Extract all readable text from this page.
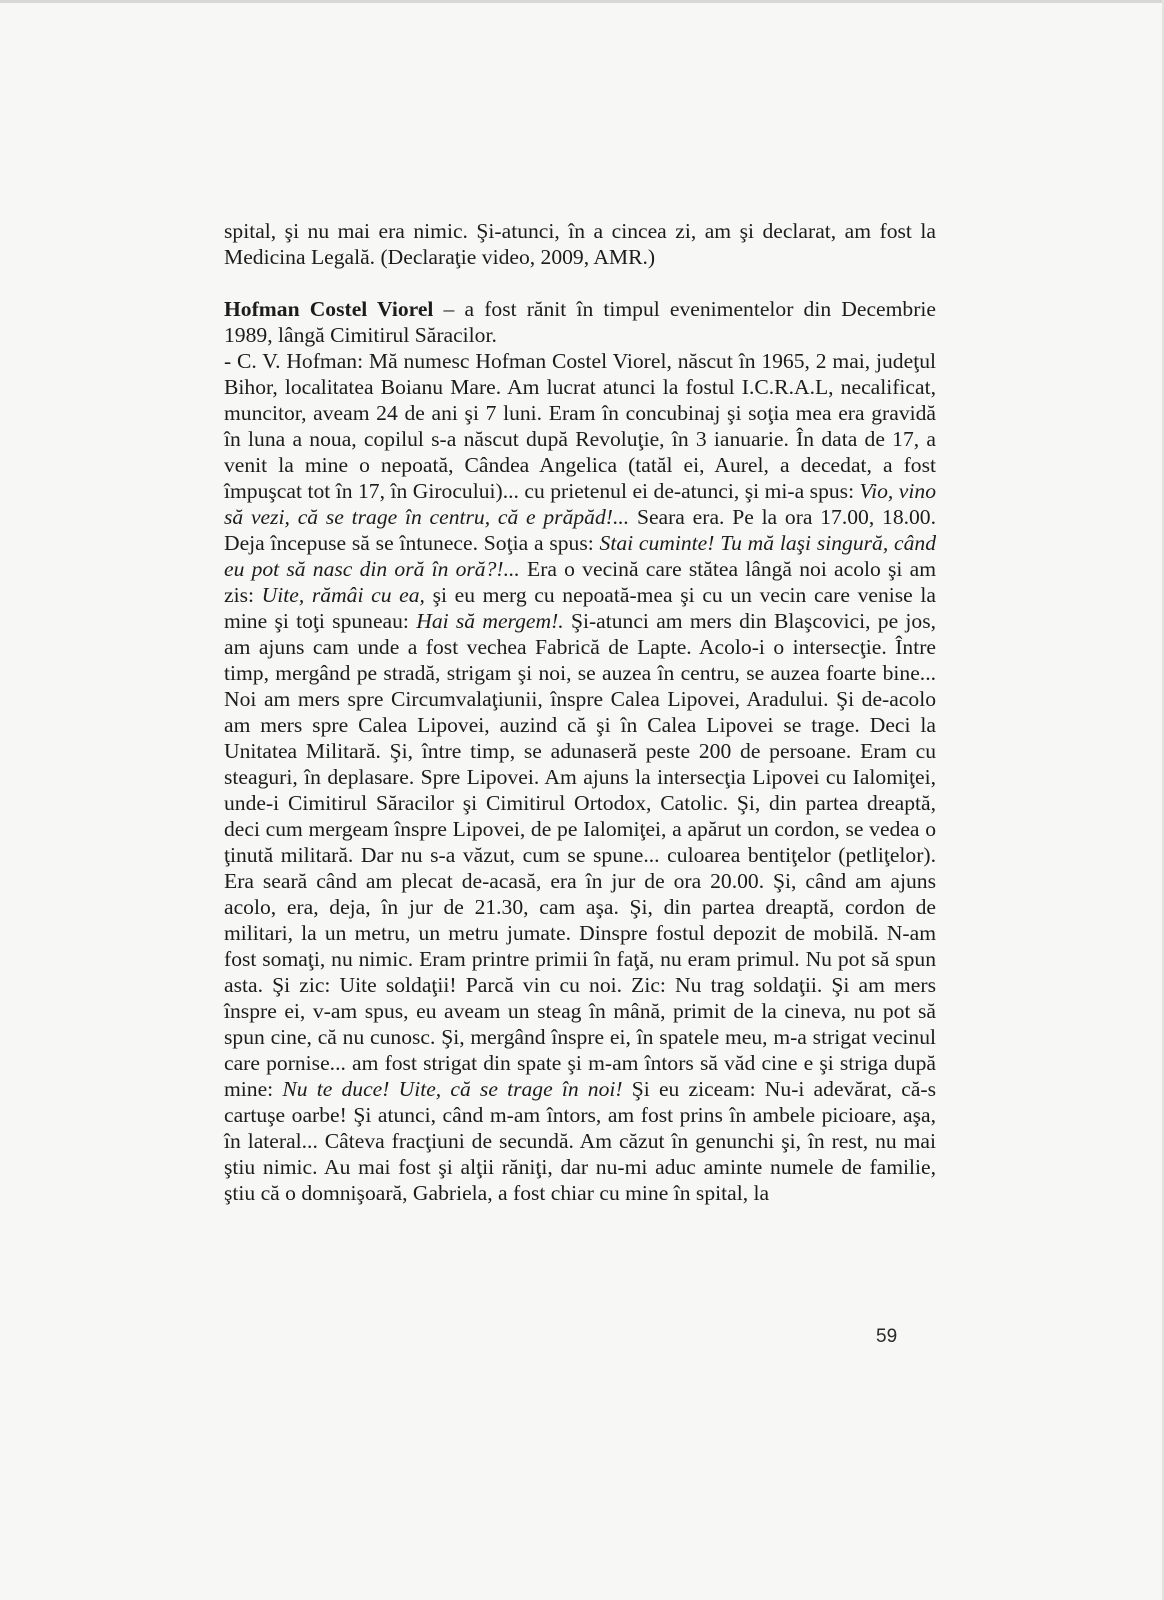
spital, şi nu mai era nimic. Şi-atunci, în a cincea zi, am şi declarat, am fost la Medicina Legală. (Declaraţie video, 2009, AMR.)

Hofman Costel Viorel – a fost rănit în timpul evenimentelor din Decembrie 1989, lângă Cimitirul Săracilor.

- C. V. Hofman: Mă numesc Hofman Costel Viorel, născut în 1965, 2 mai, judeţul Bihor, localitatea Boianu Mare. Am lucrat atunci la fostul I.C.R.A.L, necalificat, muncitor, aveam 24 de ani şi 7 luni. Eram în concubinaj şi soţia mea era gravidă în luna a noua, copilul s-a născut după Revoluţie, în 3 ianuarie. În data de 17, a venit la mine o nepoată, Cândea Angelica (tatăl ei, Aurel, a decedat, a fost împuşcat tot în 17, în Girocului)... cu prietenul ei de-atunci, şi mi-a spus: Vio, vino să vezi, că se trage în centru, că e prăpăd!... Seara era. Pe la ora 17.00, 18.00. Deja începuse să se întunece. Soţia a spus: Stai cuminte! Tu mă laşi singură, când eu pot să nasc din oră în oră?!... Era o vecină care stătea lângă noi acolo şi am zis: Uite, rămâi cu ea, şi eu merg cu nepoată-mea şi cu un vecin care venise la mine şi toţi spuneau: Hai să mergem!. Şi-atunci am mers din Blaşcovici, pe jos, am ajuns cam unde a fost vechea Fabrică de Lapte. Acolo-i o intersecţie. Între timp, mergând pe stradă, strigam şi noi, se auzea în centru, se auzea foarte bine... Noi am mers spre Circumvalaţiunii, înspre Calea Lipovei, Aradului. Şi de-acolo am mers spre Calea Lipovei, auzind că şi în Calea Lipovei se trage. Deci la Unitatea Militară. Şi, între timp, se adunaseră peste 200 de persoane. Eram cu steaguri, în deplasare. Spre Lipovei. Am ajuns la intersecţia Lipovei cu Ialomiţei, unde-i Cimitirul Săracilor şi Cimitirul Ortodox, Catolic. Şi, din partea dreaptă, deci cum mergeam înspre Lipovei, de pe Ialomiţei, a apărut un cordon, se vedea o ţinută militară. Dar nu s-a văzut, cum se spune... culoarea bentiţelor (petliţelor). Era seară când am plecat de-acasă, era în jur de ora 20.00. Şi, când am ajuns acolo, era, deja, în jur de 21.30, cam aşa. Şi, din partea dreaptă, cordon de militari, la un metru, un metru jumate. Dinspre fostul depozit de mobilă. N-am fost somaţi, nu nimic. Eram printre primii în faţă, nu eram primul. Nu pot să spun asta. Şi zic: Uite soldaţii! Parcă vin cu noi. Zic: Nu trag soldaţii. Şi am mers înspre ei, v-am spus, eu aveam un steag în mână, primit de la cineva, nu pot să spun cine, că nu cunosc. Şi, mergând înspre ei, în spatele meu, m-a strigat vecinul care pornise... am fost strigat din spate şi m-am întors să văd cine e şi striga după mine: Nu te duce! Uite, că se trage în noi! Şi eu ziceam: Nu-i adevărat, că-s cartuşe oarbe! Şi atunci, când m-am întors, am fost prins în ambele picioare, aşa, în lateral... Câteva fracţiuni de secundă. Am căzut în genunchi şi, în rest, nu mai ştiu nimic. Au mai fost şi alţii răniţi, dar nu-mi aduc aminte numele de familie, ştiu că o domnişoară, Gabriela, a fost chiar cu mine în spital, la

59
